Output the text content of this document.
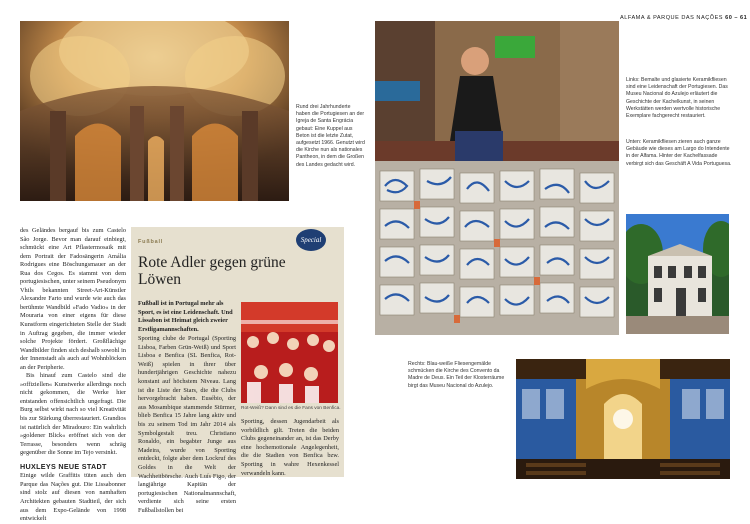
ALFAMA & PARQUE DAS NAÇÕES 60 – 61
Rund drei Jahrhunderte haben die Portugiesen an der Igreja de Santa Engrácia gebaut: Eine Kuppel aus Beton ist die letzte Zutat, aufgesetzt 1966. Genutzt wird die Kirche nun als nationales Pantheon, in dem die Großen des Landes gedacht wird.

des Geländes bergauf bis zum Castelo São Jorge. Bevor man darauf einbiegt, schmückt eine Art Pflastermosaik mit dem Portrait der Fadosängerin Amália Rodrigues eine Böschungsmauer an der Rua dos Cegos. Es stammt von dem portugiesischen, unter seinem Pseudonym Vhils bekannten Street-Art-Künstler Alexandre Farto und wurde wie auch das berühmte Wandbild »Fado Vadio« in der Mouraria von einer eigens für diese Kunstform eingerichteten Stelle der Stadt in Auftrag gegeben, die immer wieder solche Projekte fördert. Großflächige Wandbilder finden sich deshalb sowohl in der Innenstadt als auch auf Wohnblöcken an der Peripherie.

Bis hinauf zum Castelo sind die »offiziellen« Kunstwerke allerdings noch nicht gekommen, die Werke hier entstanden offensichtlich ungefragt. Die Burg selbst wirkt nach so viel Kreativität bis zur Stärkung überrestauriert. Grandios ist natürlich der Miradouro: Ein wahrlich »goldener Blick« eröffnet sich von der Terrasse, besonders wenn schräg gegenüber die Sonne im Tejo versinkt.

HUXLEYS NEUE STADT

Einige wilde Graffitis tüten auch den Parque das Nações gut. Die Lissabonner sind stolz auf diesen von namhaften Architekten gebauten Stadtteil, der sich aus dem Expo-Gelände von 1998 entwickelt

Fußball	Special
Rote Adler gegen grüne Löwen
Fußball ist in Portugal mehr als Sport, es ist eine Leidenschaft. Und Lissabon ist Heimat gleich zweier Erstligamannschaften.
Sporting clube de Portugal (Sporting Lisboa, Farben Grün-Weiß) und Sport Lisboa e Benfica (SL Benfica, Rot-Weiß) spielen in ihrer über hundertjährigen Geschichte nahezu konstant auf höchstem Niveau. Lang ist die Liste der Stars, die die Clubs hervorgebracht haben. Eusébio, der aus Mosambique stammende Stürmer, blieb Benfica 15 Jahre lang aktiv und bis zu seinem Tod im Jahr 2014 als Symbolgestalt treu. Christiano Ronaldo, ein begabter Junge aus Madeira, wurde von Sporting entdeckt, folgte aber dem Lockruf des Goldes in die Welt der Wachheitbörsche. Auch Luís Figo, der langjährige Kapitän der portugiesischen Nationalmannschaft, verdiente sich seine ersten Fußballstollen bei
Rot-Weiß? Dann sind es die Fans von Benfica.
Sporting, dessen Jugendarbeit als vorbildlich gilt. Treten die beiden Clubs gegeneinander an, ist das Derby eine hochemotionale Angelegenheit, die die Stadien von Benfica bzw. Sporting in wahre Hexenkessel verwandeln kann.
Links: Bemalte und glasierte Keramikfliesen sind eine Leidenschaft der Portugiesen. Das Museu Nacional do Azulejo erläutert die Geschichte der Kachelkunst, in seinen Werkstätten werden wertvolle historische Exemplare fachgerecht restauriert.
Unten: Keramikfliesen zieren auch ganze Gebäude wie dieses am Largo do Intendente in der Alfama. Hinter der Kachelfassade verbirgt sich das Geschäft A Vida Portuguesa.
Rechts: Blau-weiße Fliesengemälde schmücken die Kirche des Convento da Madre de Deus. Ein Teil der Klosterräume birgt das Museu Nacional do Azulejo.
